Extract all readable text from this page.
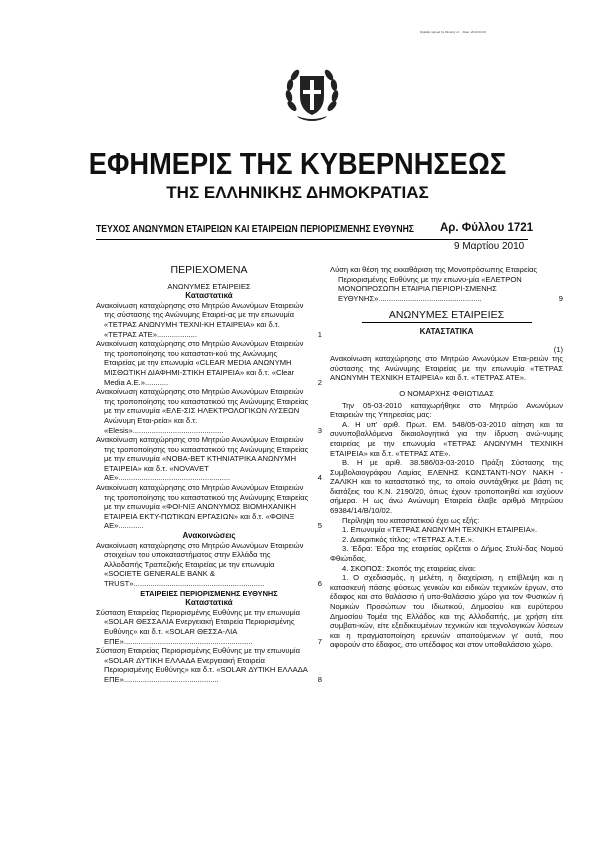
Digitally signed by Ministry of ... Date: 2010.03.09
ΕΦΗΜΕΡΙΣ ΤΗΣ ΚΥΒΕΡΝΗΣΕΩΣ
ΤΗΣ ΕΛΛΗΝΙΚΗΣ ΔΗΜΟΚΡΑΤΙΑΣ
ΤΕΥΧΟΣ ΑΝΩΝΥΜΩΝ ΕΤΑΙΡΕΙΩΝ ΚΑΙ ΕΤΑΙΡΕΙΩΝ ΠΕΡΙΟΡΙΣΜΕΝΗΣ ΕΥΘΥΝΗΣ Αρ. Φύλλου 1721
9 Μαρτίου 2010

ΠΕΡΙΕΧΟΜΕΝΑ

ΑΝΩΝΥΜΕΣ ΕΤΑΙΡΕΙΕΣ

Καταστατικά

Ανακοίνωση καταχώρησης στο Μητρώο Ανωνύμων Εταιρειών της σύστασης της Ανώνυμης Εταιρεί-ας με την επωνυμία «ΤΕΤΡΑΣ ΑΝΩΝΥΜΗ ΤΕΧΝΙ-ΚΗ ΕΤΑΙΡΕΙΑ» και δ.τ. «ΤΕΤΡΑΣ ΑΤΕ»...................	1
Ανακοίνωση καταχώρησης στο Μητρώο Ανωνύμων Εταιρειών της τροποποίησης του καταστατι-κού της Ανώνυμης Εταιρείας με την επωνυμία «CLEAR MEDIA ΑΝΩΝΥΜΗ ΜΙΣΘΩΤΙΚΗ ΔΙΑΦΗΜΙ-ΣΤΙΚΗ ΕΤΑΙΡΕΙΑ» και δ.τ. «Clear Media A.E.»...........	2
Ανακοίνωση καταχώρησης στο Μητρώο Ανωνύμων Εταιρειών της τροποποίησης του καταστατικού της Ανώνυμης Εταιρείας με την επωνυμία «ΕΛΕ-ΣΙΣ ΗΛΕΚΤΡΟΛΟΓΙΚΩΝ ΛΥΣΕΩΝ Ανώνυμη Εται-ρεία» και δ.τ. «Elesis»...........................................	3
Ανακοίνωση καταχώρησης στο Μητρώο Ανωνύμων Εταιρειών της τροποποίησης του καταστατικού της Ανώνυμης Εταιρείας με την επωνυμία «ΝΟΒΑ-ΒΕΤ ΚΤΗΝΙΑΤΡΙΚΑ ΑΝΩΝΥΜΗ ΕΤΑΙΡΕΙΑ» και δ.τ. «NOVAVET AE».....................................................	4
Ανακοίνωση καταχώρησης στο Μητρώο Ανωνύμων Εταιρειών της τροποποίησης του καταστατικού της Ανώνυμης Εταιρείας με την επωνυμία «ΦΟΙ-ΝΙΞ ΑΝΩΝΥΜΟΣ ΒΙΟΜΗΧΑΝΙΚΗ ΕΤΑΙΡΕΙΑ ΕΚΤΥ-ΠΩΤΙΚΩΝ ΕΡΓΑΣΙΩΝ» και δ.τ. «ΦΟΙΝΞ ΑΕ»............	5

Ανακοινώσεις

Ανακοίνωση καταχώρησης στο Μητρώο Ανωνύμων Εταιρειών στοιχείων του υποκαταστήματος στην Ελλάδα της Αλλοδαπής Τραπεζικής Εταιρείας με την επωνυμία «SOCIETE GENERALE BANK & TRUST»..............................................................	6

ΕΤΑΙΡΕΙΕΣ ΠΕΡΙΟΡΙΣΜΕΝΗΣ ΕΥΘΥΝΗΣ

Καταστατικά

Σύσταση Εταιρείας Περιορισμένης Ευθύνης με την επωνυμία «SOLAR ΘΕΣΣΑΛΙΑ Ενεργειακή Εταιρεία Περιορισμένης Ευθύνης» και δ.τ. «SOLAR ΘΕΣΣΑ-ΛΙΑ ΕΠΕ».............................................................	7
Σύσταση Εταιρείας Περιορισμένης Ευθύνης με την επωνυμία «SOLAR ΔΥΤΙΚΗ ΕΛΛΑΔΑ Ενεργειακή Εταιρεία Περιορισμένης Ευθύνης» και δ.τ. «SOLAR ΔΥΤΙΚΗ ΕΛΛΑΔΑ ΕΠΕ».............................................	8
Λύση και θέση της εκκαθάριση της Μονοπρόσωπης Εταιρείας Περιορισμένης Ευθύνης με την επωνυ-μία «ΕΛΕΤΡΟΝ ΜΟΝΟΠΡΟΣΩΠΗ ΕΤΑΙΡΙΑ ΠΕΡΙΟΡΙ-ΣΜΕΝΗΣ ΕΥΘΥΝΗΣ».................................................	9

ΑΝΩΝΥΜΕΣ ΕΤΑΙΡΕΙΕΣ

ΚΑΤΑΣΤΑΤΙΚΑ

(1)

Ανακοίνωση καταχώρησης στο Μητρώο Ανωνύμων Εται-ρειών της σύστασης της Ανώνυμης Εταιρείας με την επωνυμία «ΤΕΤΡΑΣ ΑΝΩΝΥΜΗ ΤΕΧΝΙΚΗ ΕΤΑΙΡΕΙΑ» και δ.τ. «ΤΕΤΡΑΣ ΑΤΕ».

Ο ΝΟΜΑΡΧΗΣ ΦΘΙΩΤΙΔΑΣ

Την 05-03-2010 καταχωρήθηκε στο Μητρώο Ανωνύμων Εταιρειών της Υπηρεσίας μας:

Α. Η υπ' αριθ. Πρωτ. ΕΜ. 548/05-03-2010 αίτηση και τα συνυποβαλλόμενα δικαιολογητικά για την ίδρυση ανώ-νυμης εταιρείας με την επωνυμία «ΤΕΤΡΑΣ ΑΝΩΝΥΜΗ ΤΕΧΝΙΚΗ ΕΤΑΙΡΕΙΑ» και δ.τ. «ΤΕΤΡΑΣ ΑΤΕ».

Β. Η με αριθ. 38.586/03-03-2010 Πράξη Σύστασης της Συμβολαιογράφου Λαμίας ΕΛΕΝΗΣ ΚΩΝΣΤΑΝΤΙ-ΝΟΥ ΝΑΚΗ - ΖΑΛΙΚΗ και το καταστατικό της, το οποίο συντάχθηκε με βάση τις διατάξεις του Κ.Ν. 2190/20, όπως έχουν τροποποιηθεί και ισχύουν σήμερα. Η ως άνω Ανώνυμη Εταιρεία έλαβε αριθμό Μητρώου 69384/14/Β/10/02.

Περίληψη του καταστατικού έχει ως εξής:

1. Επωνυμία «ΤΕΤΡΑΣ ΑΝΩΝΥΜΗ ΤΕΧΝΙΚΗ ΕΤΑΙΡΕΙΑ».

2. Διακριτικός τίτλος: «ΤΕΤΡΑΣ Α.Τ.Ε.».

3. Έδρα: Έδρα της εταιρείας ορίζεται ο Δήμος Στυλί-δας Νομού Φθιώτιδας.

4. ΣΚΟΠΟΣ: Σκοπός της εταιρείας είναι:

1. Ο σχεδιασμός, η μελέτη, η διαχείριση, η επίβλεψη και η κατασκευή πάσης φύσεως γενικών και ειδικών τεχνικών έργων, στο έδαφος και στο θαλάσσιο ή υπο-θαλάσσιο χώρο για τον Φυσικών ή Νομικών Προσώπων του Ιδιωτικού, Δημοσίου και ευρύτερου Δημοσίου Τομέα της Ελλάδος και της Αλλοδαπής, με χρήση είτε συμβατι-κών, είτε εξειδικευμένων τεχνικών και τεχνολογικών λύσεων και η πραγματοποίηση ερευνών απαιτούμενων γι' αυτά, που αφορούν στο έδαφος, στο υπέδαφος και στον υποθαλάσσιο χώρο.
